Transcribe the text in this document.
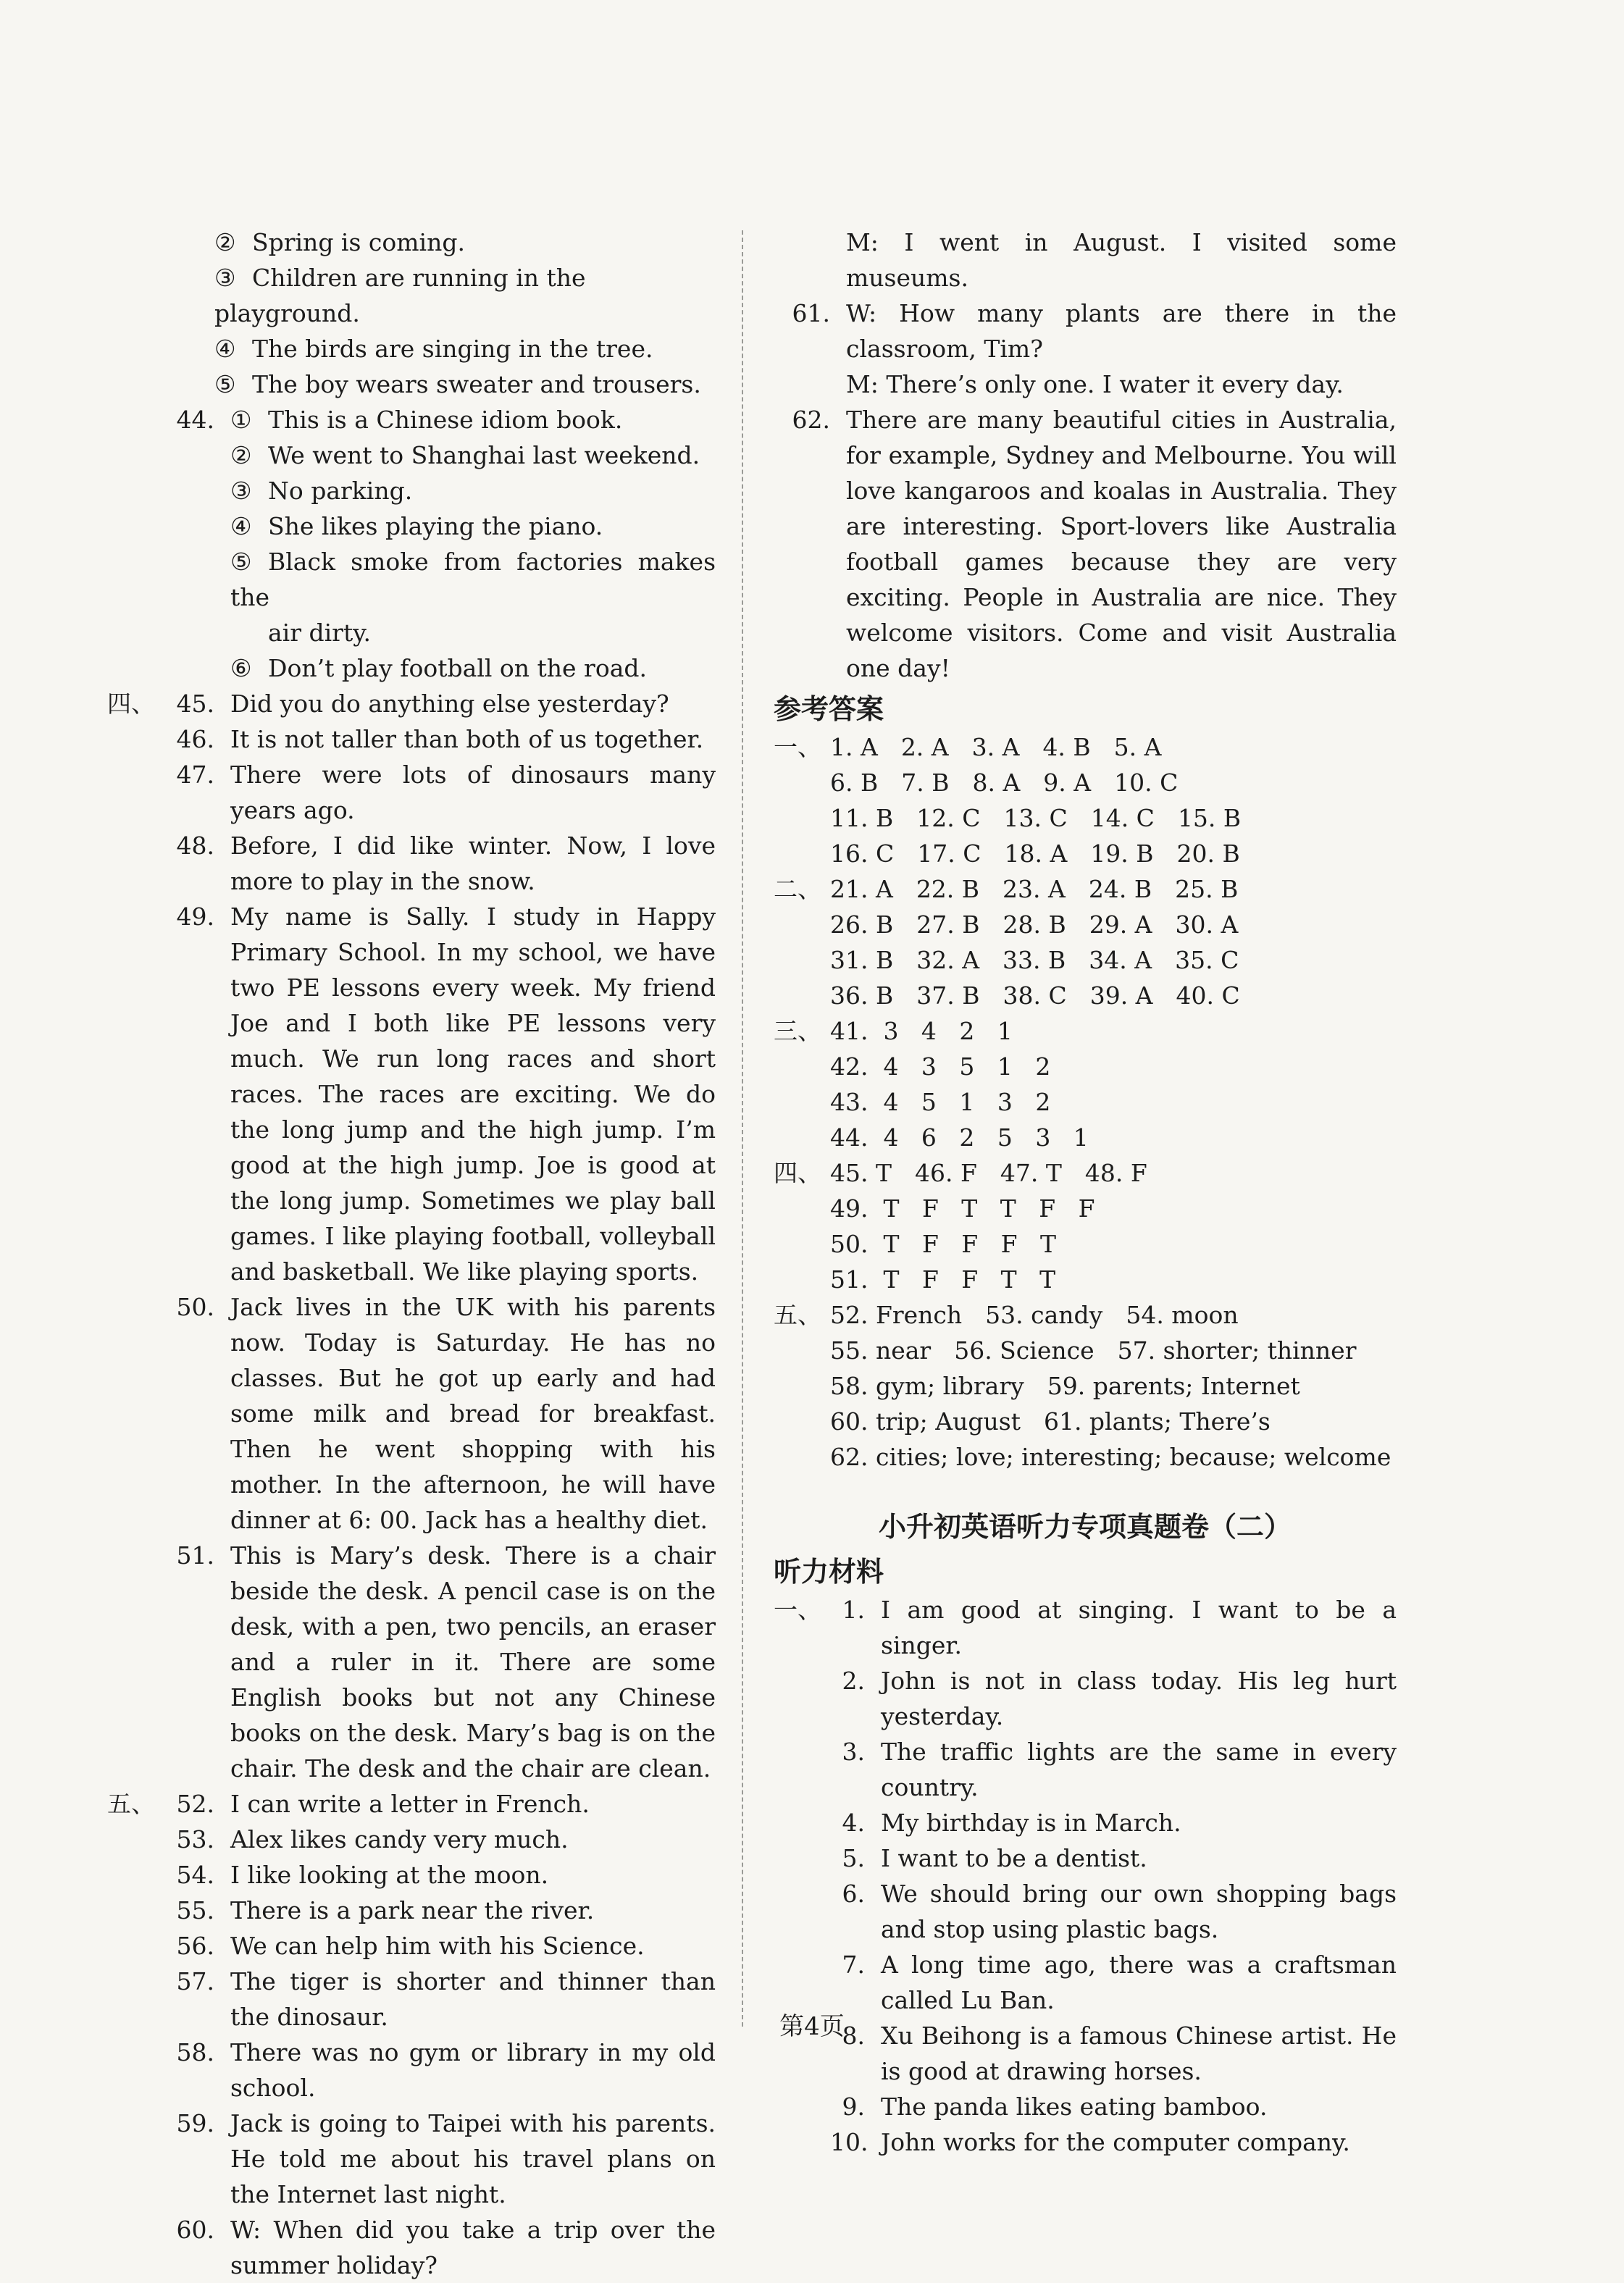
② Spring is coming.
③ Children are running in the playground.
④ The birds are singing in the tree.
⑤ The boy wears sweater and trousers.
44. ① This is a Chinese idiom book.
② We went to Shanghai last weekend.
③ No parking.
④ She likes playing the piano.
⑤ Black smoke from factories makes the
air dirty.
⑥ Don’t play football on the road.
四、 45. Did you do anything else yesterday?
46. It is not taller than both of us together.
47. There were lots of dinosaurs many years ago.
48. Before, I did like winter. Now, I love more to play in the snow.
49. My name is Sally. I study in Happy Primary School. In my school, we have two PE lessons every week. My friend Joe and I both like PE lessons very much. We run long races and short races. The races are exciting. We do the long jump and the high jump. I’m good at the high jump. Joe is good at the long jump. Sometimes we play ball games. I like playing football, volleyball and basketball. We like playing sports.
50. Jack lives in the UK with his parents now. Today is Saturday. He has no classes. But he got up early and had some milk and bread for breakfast. Then he went shopping with his mother. In the afternoon, he will have dinner at 6: 00. Jack has a healthy diet.
51. This is Mary’s desk. There is a chair beside the desk. A pencil case is on the desk, with a pen, two pencils, an eraser and a ruler in it. There are some English books but not any Chinese books on the desk. Mary’s bag is on the chair. The desk and the chair are clean.
五、 52. I can write a letter in French.
53. Alex likes candy very much.
54. I like looking at the moon.
55. There is a park near the river.
56. We can help him with his Science.
57. The tiger is shorter and thinner than the dinosaur.
58. There was no gym or library in my old school.
59. Jack is going to Taipei with his parents. He told me about his travel plans on the Internet last night.
60. W: When did you take a trip over the summer holiday?
M: I went in August. I visited some museums.
61. W: How many plants are there in the classroom, Tim?
M: There’s only one. I water it every day.
62. There are many beautiful cities in Australia, for example, Sydney and Melbourne. You will love kangaroos and koalas in Australia. They are interesting. Sport-lovers like Australia football games because they are very exciting. People in Australia are nice. They welcome visitors. Come and visit Australia one day!
参考答案
一、 1. A 2. A 3. A 4. B 5. A
6. B 7. B 8. A 9. A 10. C
11. B 12. C 13. C 14. C 15. B
16. C 17. C 18. A 19. B 20. B
二、 21. A 22. B 23. A 24. B 25. B
26. B 27. B 28. B 29. A 30. A
31. B 32. A 33. B 34. A 35. C
36. B 37. B 38. C 39. A 40. C
三、 41.  3   4   2   1
42.  4   3   5   1   2
43.  4   5   1   3   2
44.  4   6   2   5   3   1
四、 45. T 46. F 47. T 48. F
49.  T   F   T   T   F   F
50.  T   F   F   F   T
51.  T   F   F   T   T
五、 52. French 53. candy 54. moon
55. near 56. Science 57. shorter; thinner
58. gym; library 59. parents; Internet
60. trip; August 61. plants; There’s
62. cities; love; interesting; because; welcome
小升初英语听力专项真题卷（二）
听力材料
一、 1. I am good at singing. I want to be a singer.
2. John is not in class today. His leg hurt yesterday.
3. The traffic lights are the same in every country.
4. My birthday is in March.
5. I want to be a dentist.
6. We should bring our own shopping bags and stop using plastic bags.
7. A long time ago, there was a craftsman called Lu Ban.
8. Xu Beihong is a famous Chinese artist. He is good at drawing horses.
9. The panda likes eating bamboo.
10. John works for the computer company.
第4页
